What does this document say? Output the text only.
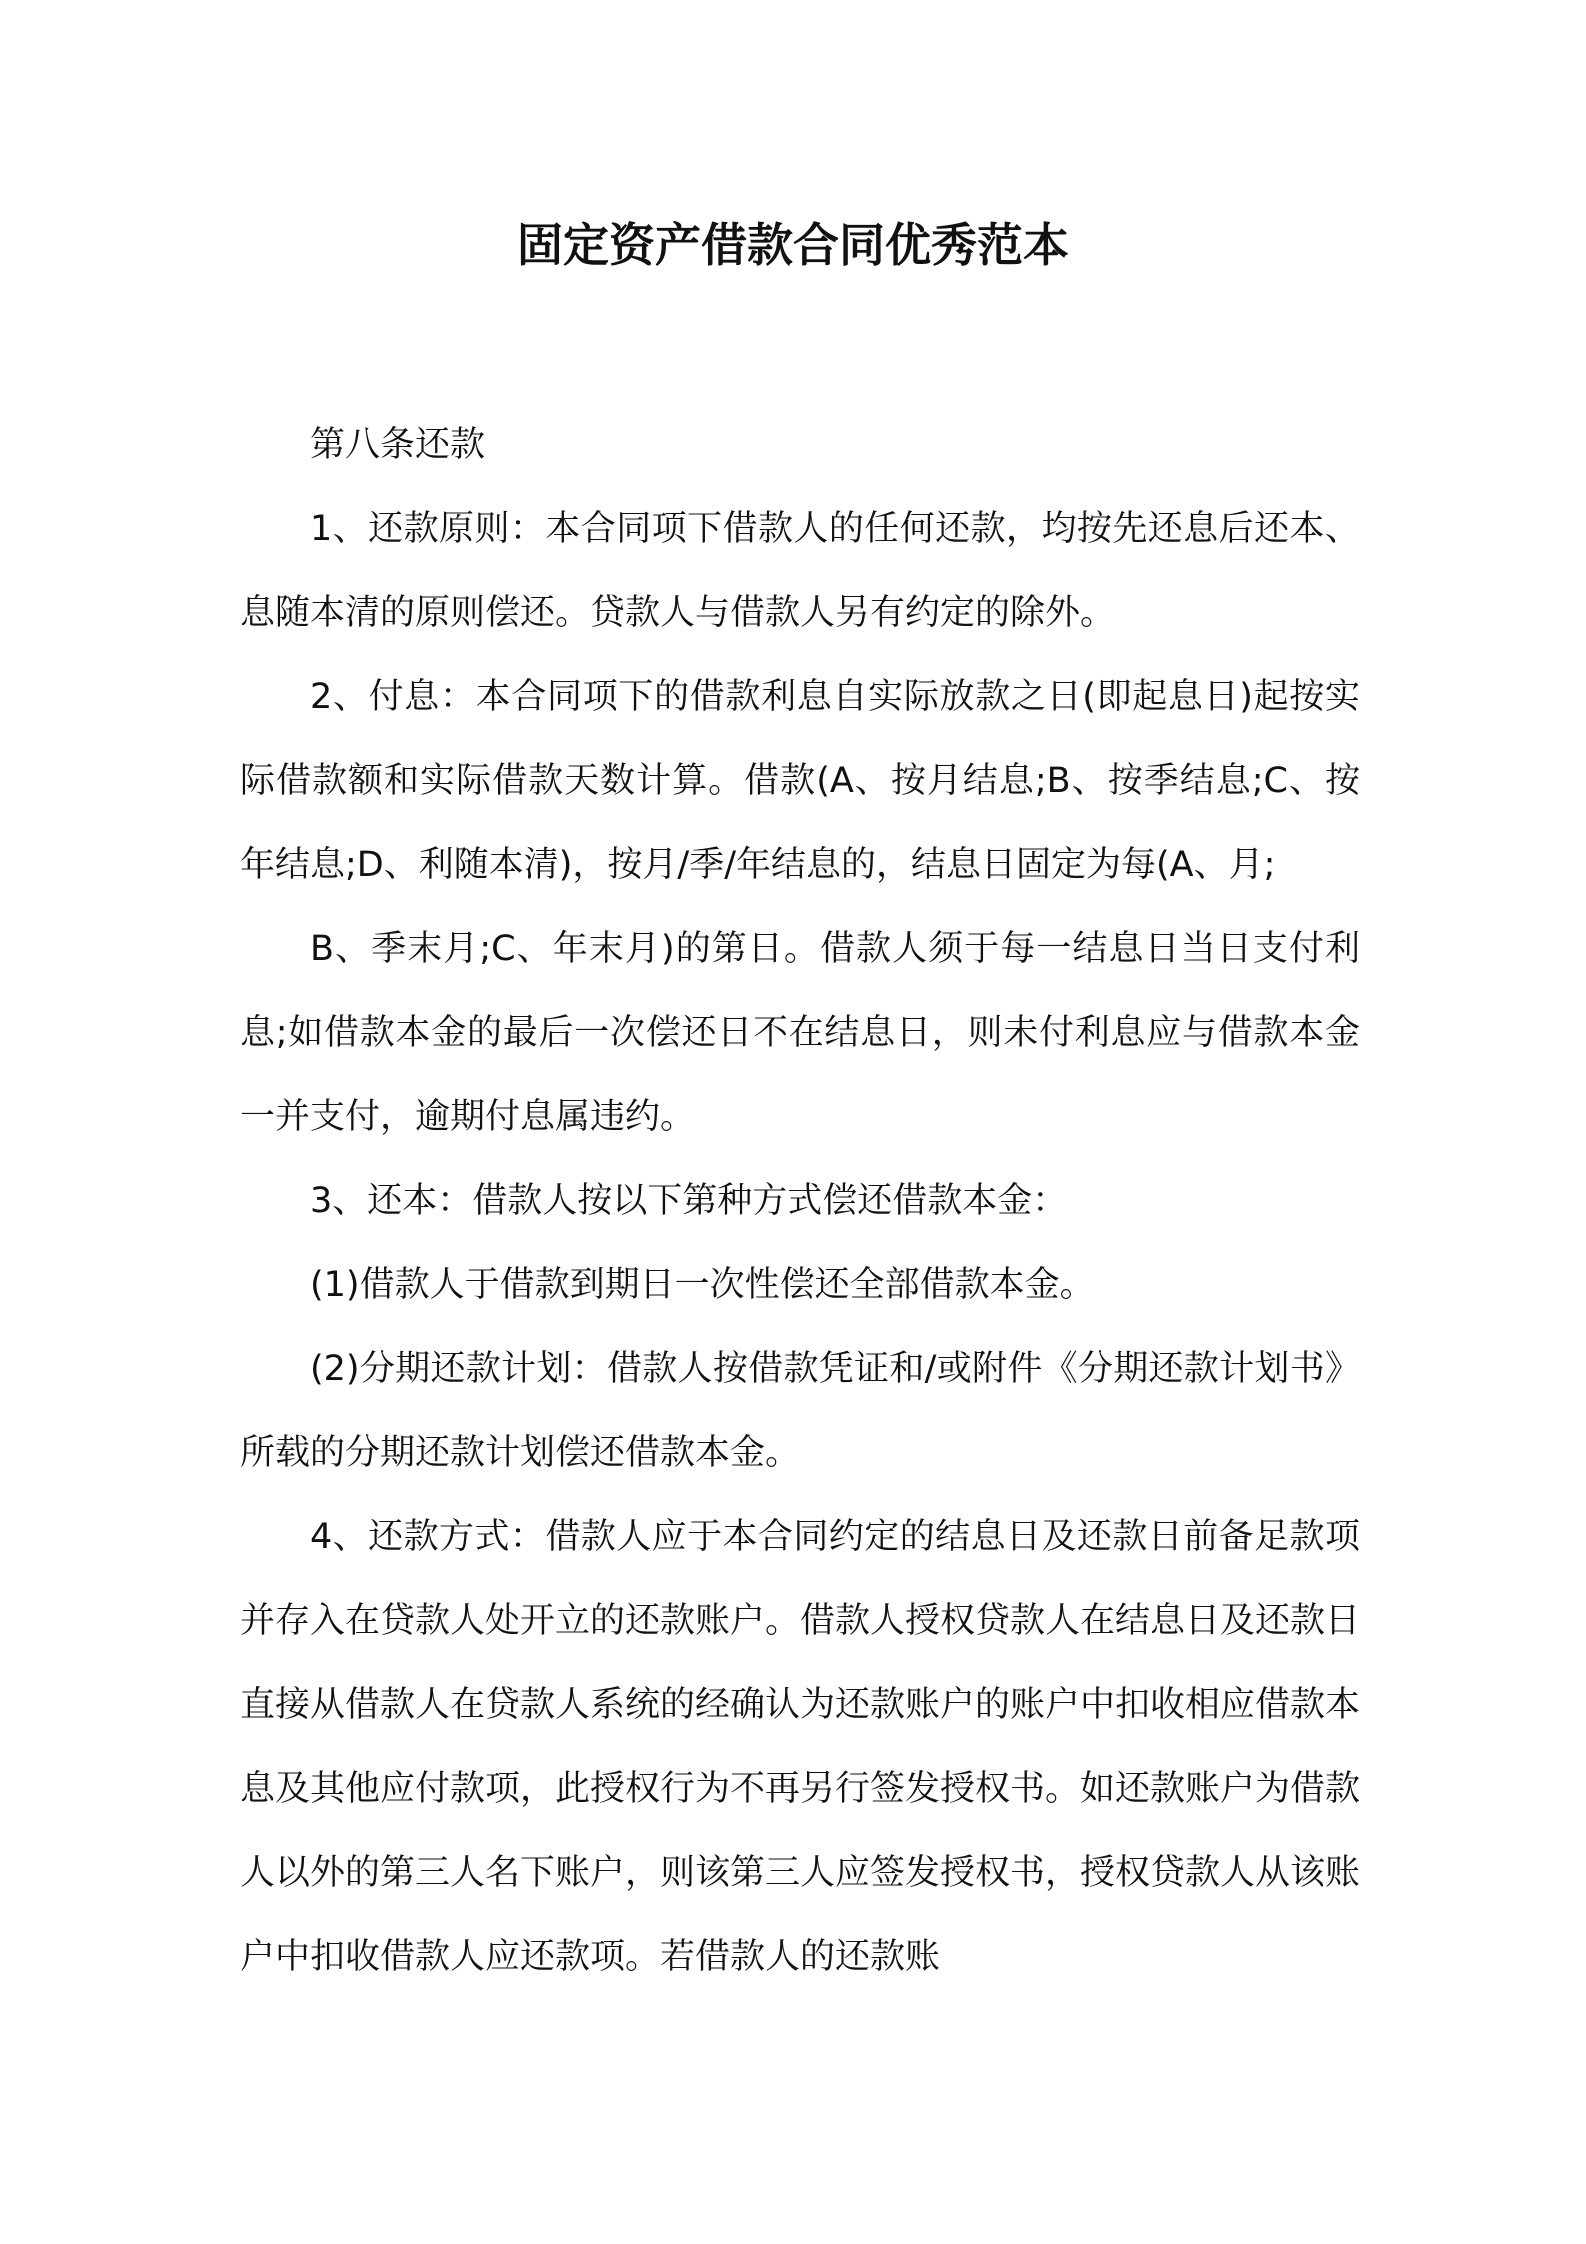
固定资产借款合同优秀范本

第八条还款

1、还款原则：本合同项下借款人的任何还款，均按先还息后还本、息随本清的原则偿还。贷款人与借款人另有约定的除外。

2、付息：本合同项下的借款利息自实际放款之日(即起息日)起按实际借款额和实际借款天数计算。借款(A、按月结息;B、按季结息;C、按年结息;D、利随本清)，按月/季/年结息的，结息日固定为每(A、月;

B、季末月;C、年末月)的第日。借款人须于每一结息日当日支付利息;如借款本金的最后一次偿还日不在结息日，则未付利息应与借款本金一并支付，逾期付息属违约。

3、还本：借款人按以下第种方式偿还借款本金：

(1)借款人于借款到期日一次性偿还全部借款本金。

(2)分期还款计划：借款人按借款凭证和/或附件《分期还款计划书》所载的分期还款计划偿还借款本金。

4、还款方式：借款人应于本合同约定的结息日及还款日前备足款项并存入在贷款人处开立的还款账户。借款人授权贷款人在结息日及还款日直接从借款人在贷款人系统的经确认为还款账户的账户中扣收相应借款本息及其他应付款项，此授权行为不再另行签发授权书。如还款账户为借款人以外的第三人名下账户，则该第三人应签发授权书，授权贷款人从该账户中扣收借款人应还款项。若借款人的还款账
